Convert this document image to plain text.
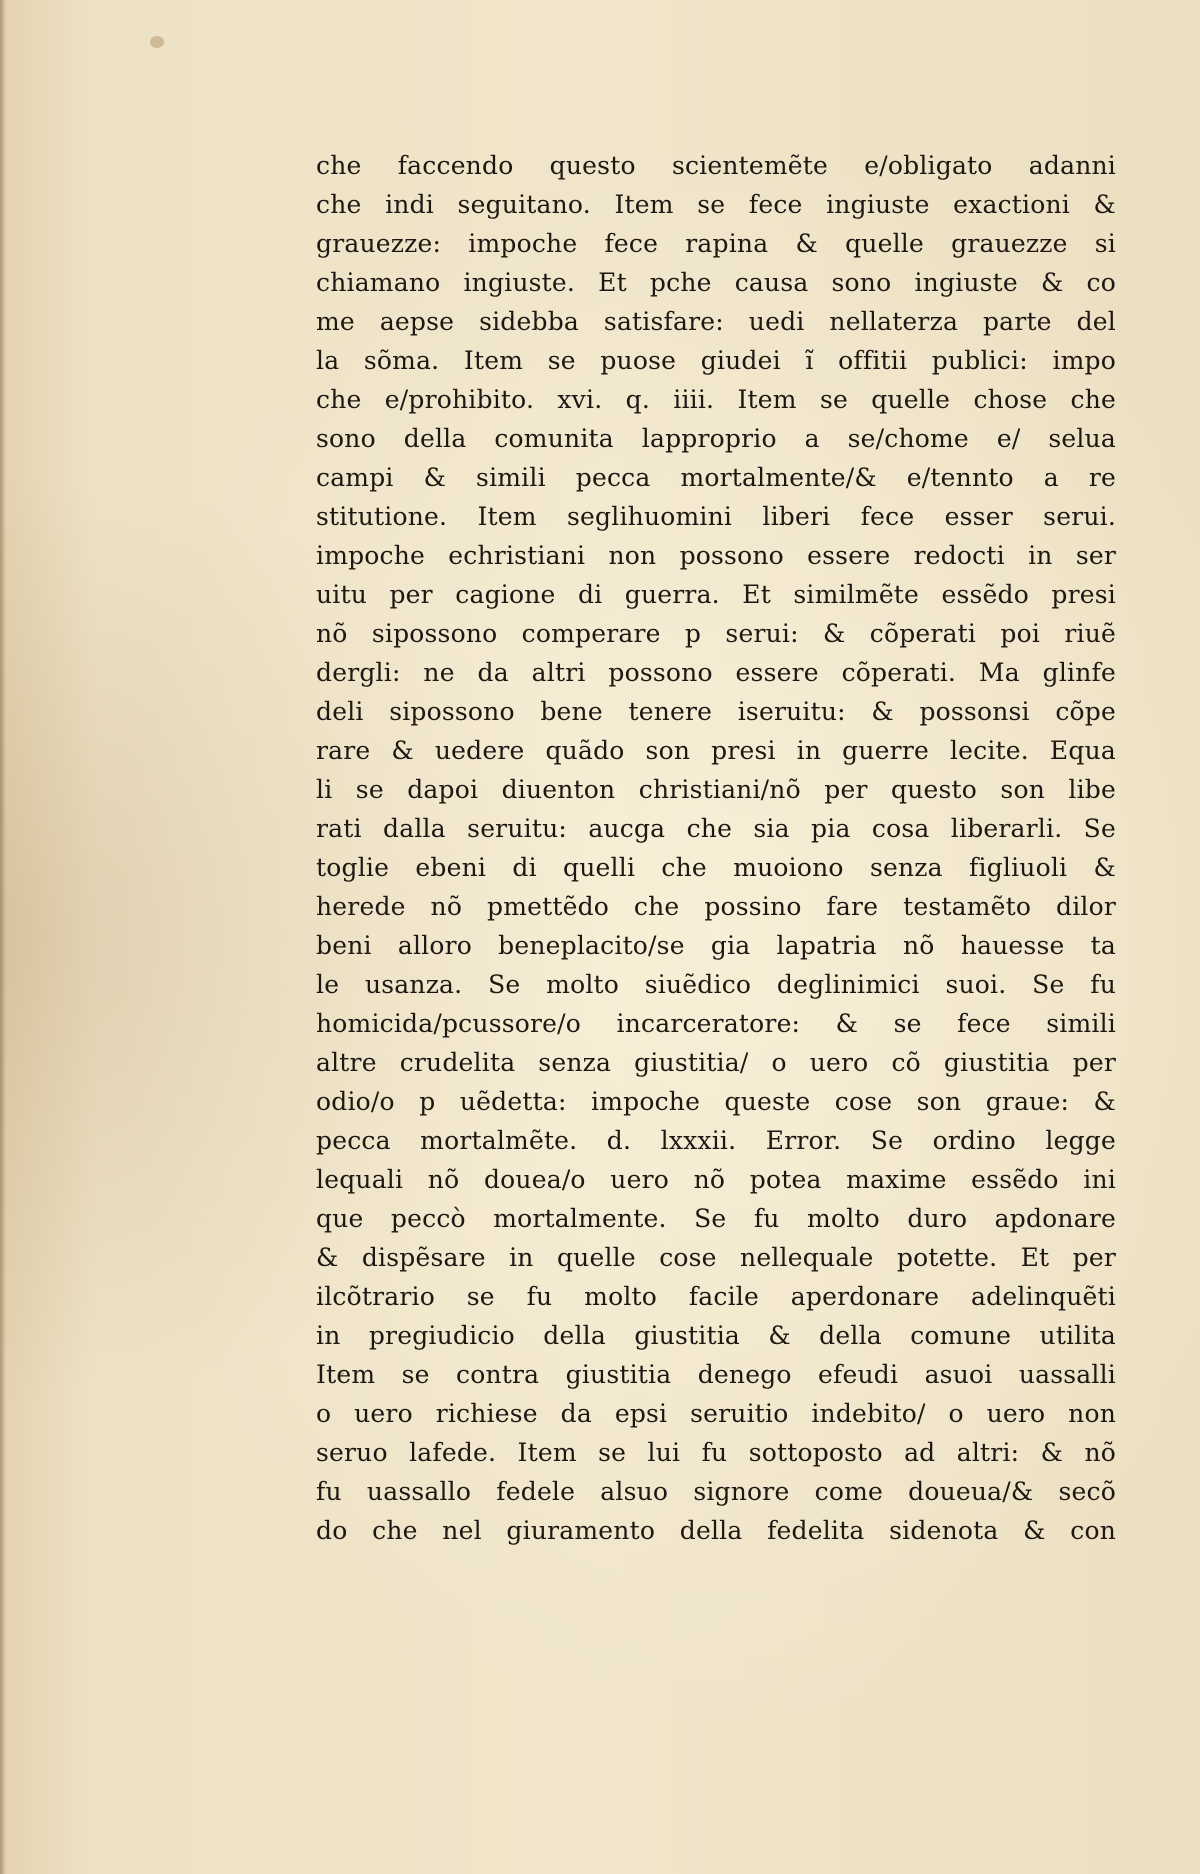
che faccendo questo scientemẽte e/obligato adanni
che indi seguitano. Item se fece ingiuste exactioni &
grauezze: impoche fece rapina & quelle grauezze si
chiamano ingiuste. Et pche causa sono ingiuste & co
me aepse sidebba satisfare: uedi nellaterza parte del
la sõma. Item se puose giudei ĩ offitii publici: impo
che e/prohibito. xvi. q. iiii. Item se quelle chose che
sono della comunita lapproprio a se/chome e/ selua
campi & simili pecca mortalmente/& e/tennto a re
stitutione. Item seglihuomini liberi fece esser serui.
impoche echristiani non possono essere redocti in ser
uitu per cagione di guerra. Et similmẽte essẽdo presi
nõ sipossono comperare p serui: & cõperati poi riuẽ
dergli: ne da altri possono essere cõperati. Ma glinfe
deli sipossono bene tenere iseruitu: & possonsi cõpe
rare & uedere quãdo son presi in guerre lecite. Equa
li se dapoi diuenton christiani/nõ per questo son libe
rati dalla seruitu: aucga che sia pia cosa liberarli. Se
toglie ebeni di quelli che muoiono senza figliuoli &
herede nõ pmettẽdo che possino fare testamẽto dilor
beni alloro beneplacito/se gia lapatria nõ hauesse ta
le usanza. Se molto siuẽdico deglinimici suoi. Se fu
homicida/pcussore/o incarceratore: & se fece simili
altre crudelita senza giustitia/ o uero cõ giustitia per
odio/o p uẽdetta: impoche queste cose son graue: &
pecca mortalmẽte. d. lxxxii. Error. Se ordino legge
lequali nõ douea/o uero nõ potea maxime essẽdo ini
que peccò mortalmente. Se fu molto duro apdonare
& dispẽsare in quelle cose nellequale potette. Et per
ilcõtrario se fu molto facile aperdonare adelinquẽti
in pregiudicio della giustitia & della comune utilita
Item se contra giustitia denego efeudi asuoi uassalli
o uero richiese da epsi seruitio indebito/ o uero non
seruo lafede. Item se lui fu sottoposto ad altri: & nõ
fu uassallo fedele alsuo signore come doueua/& secõ
do che nel giuramento della fedelita sidenota & con
